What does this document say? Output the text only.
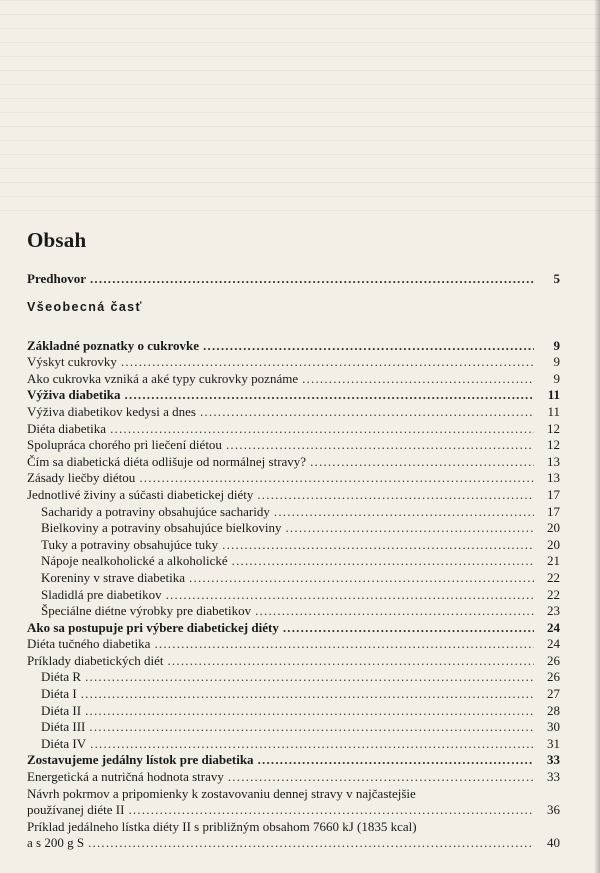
Obsah
Predhovor .....	5
Všeobecná časť
Základné poznatky o cukrovke .....	9
Výskyt cukrovky .....	9
Ako cukrovka vzniká a aké typy cukrovky poznáme .....	9
Výživa diabetika .....	11
Výživa diabetikov kedysi a dnes .....	11
Diéta diabetika .....	12
Spolupráca chorého pri liečení diétou .....	12
Čím sa diabetická diéta odlišuje od normálnej stravy? .....	13
Zásady liečby diétou .....	13
Jednotlivé živiny a súčasti diabetickej diéty .....	17
Sacharidy a potraviny obsahujúce sacharidy .....	17
Bielkoviny a potraviny obsahujúce bielkoviny .....	20
Tuky a potraviny obsahujúce tuky .....	20
Nápoje nealkoholické a alkoholické .....	21
Koreniny v strave diabetika .....	22
Sladidlá pre diabetikov .....	22
Špeciálne diétne výrobky pre diabetikov .....	23
Ako sa postupuje pri výbere diabetickej diéty .....	24
Diéta tučného diabetika .....	24
Príklady diabetických diét .....	26
Diéta R .....	26
Diéta I .....	27
Diéta II .....	28
Diéta III .....	30
Diéta IV .....	31
Zostavujeme jedálny lístok pre diabetika .....	33
Energetická a nutričná hodnota stravy .....	33
Návrh pokrmov a pripomienky k zostavovaniu dennej stravy v najčastejšie
používanej diéte II .....	36
Príklad jedálneho lístka diéty II s približným obsahom 7660 kJ (1835 kcal)
a s 200 g S .....	40
